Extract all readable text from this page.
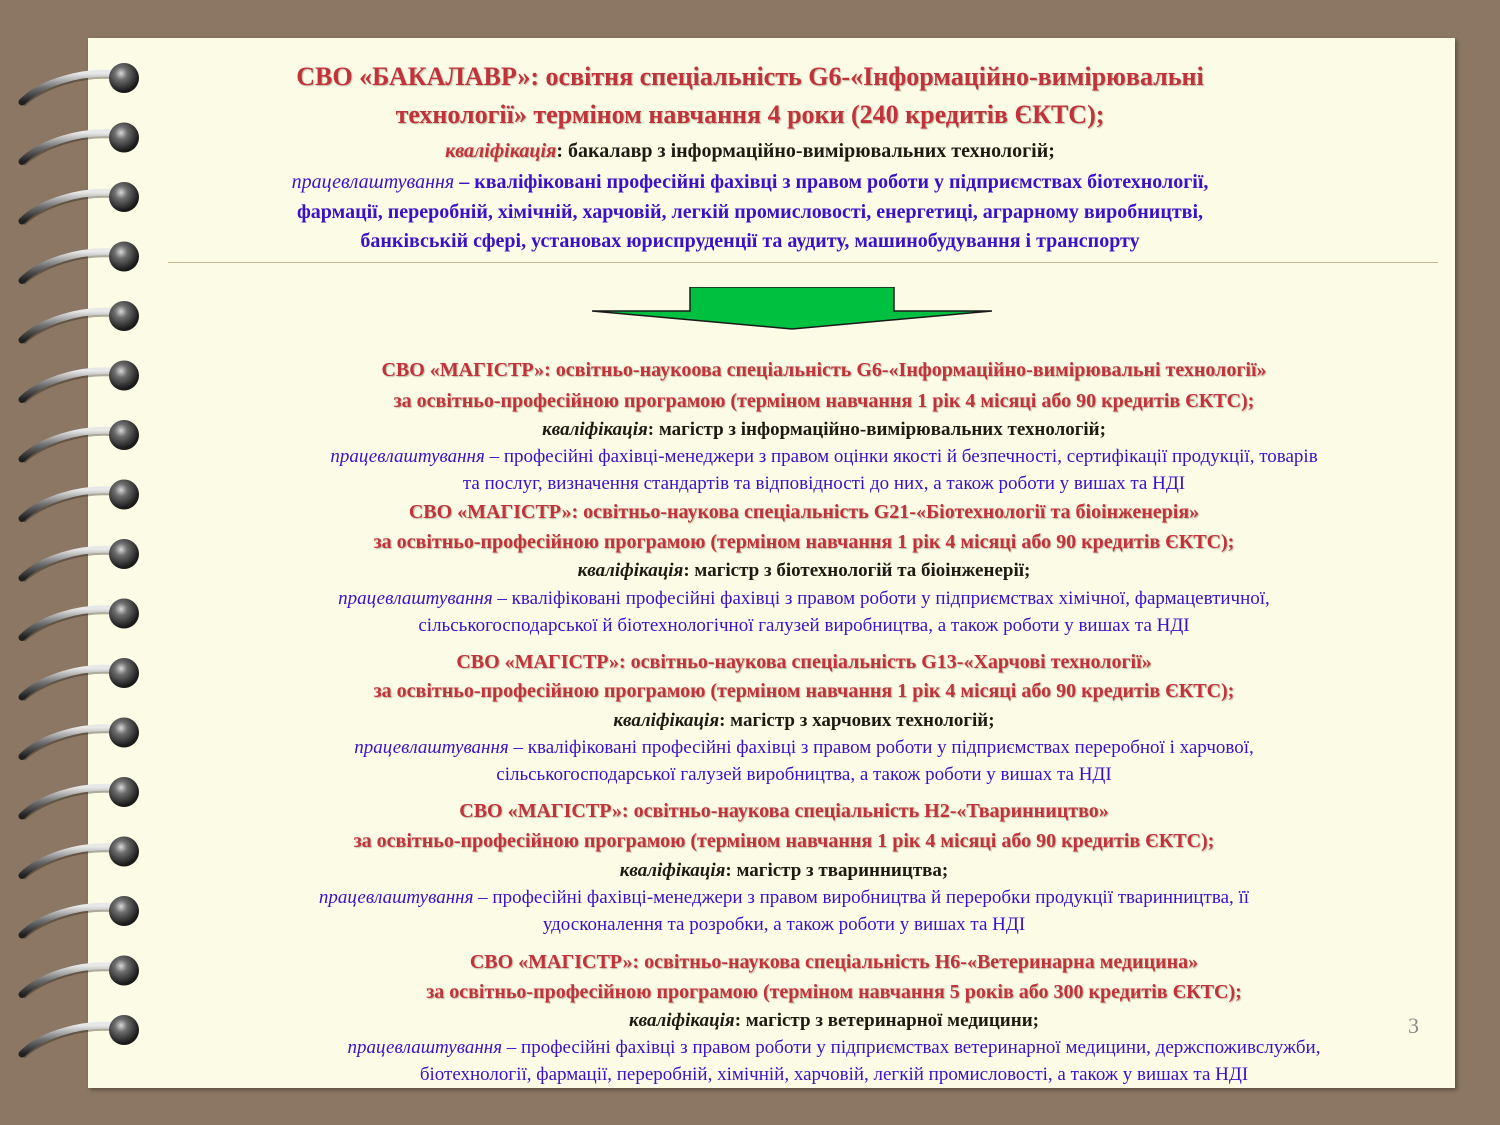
СВО «БАКАЛАВР»: освітня спеціальність G6-«Інформаційно-вимірювальні
технології» терміном навчання 4 роки (240 кредитів ЄКТС);
кваліфікація: бакалавр з інформаційно-вимірювальних технологій;
працевлаштування – кваліфіковані професійні фахівці з правом роботи у підприємствах біотехнології,
фармації, переробній, хімічній, харчовій, легкій промисловості, енергетиці, аграрному виробництві,
банківській сфері, установах юриспруденції та аудиту, машинобудування і транспорту
СВО «МАГІСТР»: освітньо-наукоова спеціальність G6-«Інформаційно-вимірювальні технології»
за освітньо-професійною програмою (терміном навчання 1 рік 4 місяці або 90 кредитів ЄКТС);
кваліфікація: магістр з інформаційно-вимірювальних технологій;
працевлаштування – професійні фахівці-менеджери з правом оцінки якості й безпечності, сертифікації продукції, товарів
та послуг, визначення стандартів та відповідності до них, а також роботи у вишах та НДІ
СВО «МАГІСТР»: освітньо-наукова спеціальність G21-«Біотехнології та біоінженерія»
за освітньо-професійною програмою (терміном навчання 1 рік 4 місяці або 90 кредитів ЄКТС);
кваліфікація: магістр з біотехнологій та біоінженерії;
працевлаштування – кваліфіковані професійні фахівці з правом роботи у підприємствах хімічної, фармацевтичної,
сільськогосподарської й біотехнологічної галузей виробництва, а також роботи у вишах та НДІ
СВО «МАГІСТР»: освітньо-наукова спеціальність G13-«Харчові технології»
за освітньо-професійною програмою (терміном навчання 1 рік 4 місяці або 90 кредитів ЄКТС);
кваліфікація: магістр з харчових технологій;
працевлаштування – кваліфіковані професійні фахівці з правом роботи у підприємствах переробної і харчової,
сільськогосподарської галузей виробництва, а також роботи у вишах та НДІ
СВО «МАГІСТР»: освітньо-наукова спеціальність Н2-«Тваринництво»
за освітньо-професійною програмою (терміном навчання 1 рік 4 місяці або 90 кредитів ЄКТС);
кваліфікація: магістр з тваринництва;
працевлаштування – професійні фахівці-менеджери з правом виробництва й переробки продукції тваринництва, її
удосконалення та розробки, а також роботи у вишах та НДІ
СВО «МАГІСТР»: освітньо-наукова спеціальність Н6-«Ветеринарна медицина»
за освітньо-професійною програмою (терміном навчання 5 років або 300 кредитів ЄКТС);
кваліфікація: магістр з ветеринарної медицини;
працевлаштування – професійні фахівці з правом роботи у підприємствах ветеринарної медицини, держспоживслужби,
біотехнології, фармації, переробній, хімічній, харчовій, легкій промисловості, а також у вишах та НДІ
3
